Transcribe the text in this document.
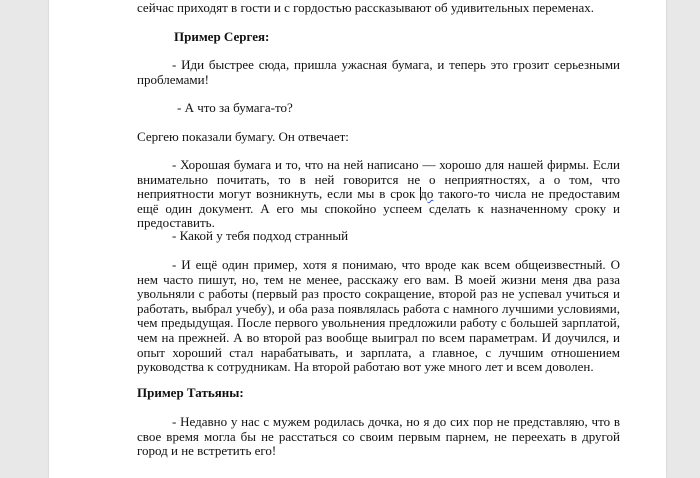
сейчас приходят в гости и с гордостью рассказывают об удивительных переменах.

Пример Сергея:

- Иди быстрее сюда, пришла ужасная бумага, и теперь это грозит серьезными проблемами!

- А что за бумага-то?

Сергею показали бумагу. Он отвечает:

- Хорошая бумага и то, что на ней написано — хорошо для нашей фирмы. Если внимательно почитать, то в ней говорится не о неприятностях, а о том, что неприятности могут возникнуть, если мы в срок до такого-то числа не предоставим ещё один документ. А его мы спокойно успеем сделать к назначенному сроку и предоставить.

- Какой у тебя подход странный

- И ещё один пример, хотя я понимаю, что вроде как всем общеизвестный. О нем часто пишут, но, тем не менее, расскажу его вам. В моей жизни меня два раза увольняли с работы (первый раз просто сокращение, второй раз не успевал учиться и работать, выбрал учебу), и оба раза появлялась работа с намного лучшими условиями, чем предыдущая. После первого увольнения предложили работу с большей зарплатой, чем на прежней. А во второй раз вообще выиграл по всем параметрам. И доучился, и опыт хороший стал нарабатывать, и зарплата, а главное, с лучшим отношением руководства к сотрудникам. На второй работаю вот уже много лет и всем доволен.

Пример Татьяны:

- Недавно у нас с мужем родилась дочка, но я до сих пор не представляю, что в свое время могла бы не расстаться со своим первым парнем, не переехать в другой город и не встретить его!
